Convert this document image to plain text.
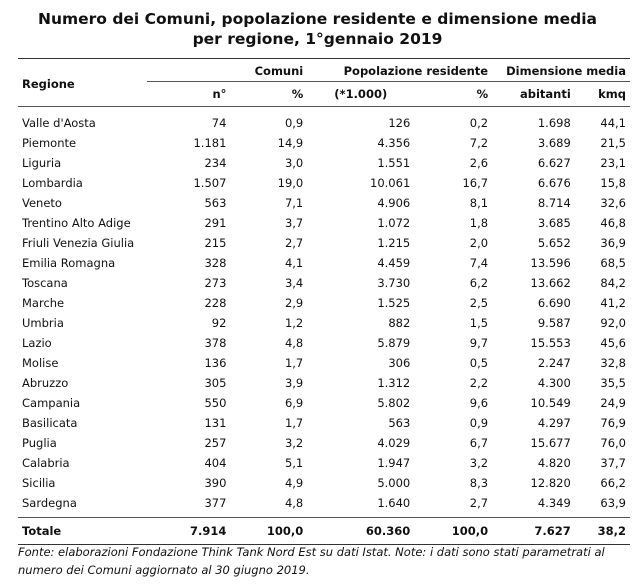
Numero dei Comuni, popolazione residente e dimensione media
per regione, 1°gennaio 2019

Regione	Comuni		Popolazione residente		Dimensione media	
	n°	%	(*1.000)	%	abitanti	kmq
Valle d'Aosta	74	0,9	126	0,2	1.698	44,1
Piemonte	1.181	14,9	4.356	7,2	3.689	21,5
Liguria	234	3,0	1.551	2,6	6.627	23,1
Lombardia	1.507	19,0	10.061	16,7	6.676	15,8
Veneto	563	7,1	4.906	8,1	8.714	32,6
Trentino Alto Adige	291	3,7	1.072	1,8	3.685	46,8
Friuli Venezia Giulia	215	2,7	1.215	2,0	5.652	36,9
Emilia Romagna	328	4,1	4.459	7,4	13.596	68,5
Toscana	273	3,4	3.730	6,2	13.662	84,2
Marche	228	2,9	1.525	2,5	6.690	41,2
Umbria	92	1,2	882	1,5	9.587	92,0
Lazio	378	4,8	5.879	9,7	15.553	45,6
Molise	136	1,7	306	0,5	2.247	32,8
Abruzzo	305	3,9	1.312	2,2	4.300	35,5
Campania	550	6,9	5.802	9,6	10.549	24,9
Basilicata	131	1,7	563	0,9	4.297	76,9
Puglia	257	3,2	4.029	6,7	15.677	76,0
Calabria	404	5,1	1.947	3,2	4.820	37,7
Sicilia	390	4,9	5.000	8,3	12.820	66,2
Sardegna	377	4,8	1.640	2,7	4.349	63,9

Totale	7.914	100,0	60.360	100,0	7.627	38,2
Fonte: elaborazioni Fondazione Think Tank Nord Est su dati Istat. Note: i dati sono stati parametrati al numero dei Comuni aggiornato al 30 giugno 2019.
